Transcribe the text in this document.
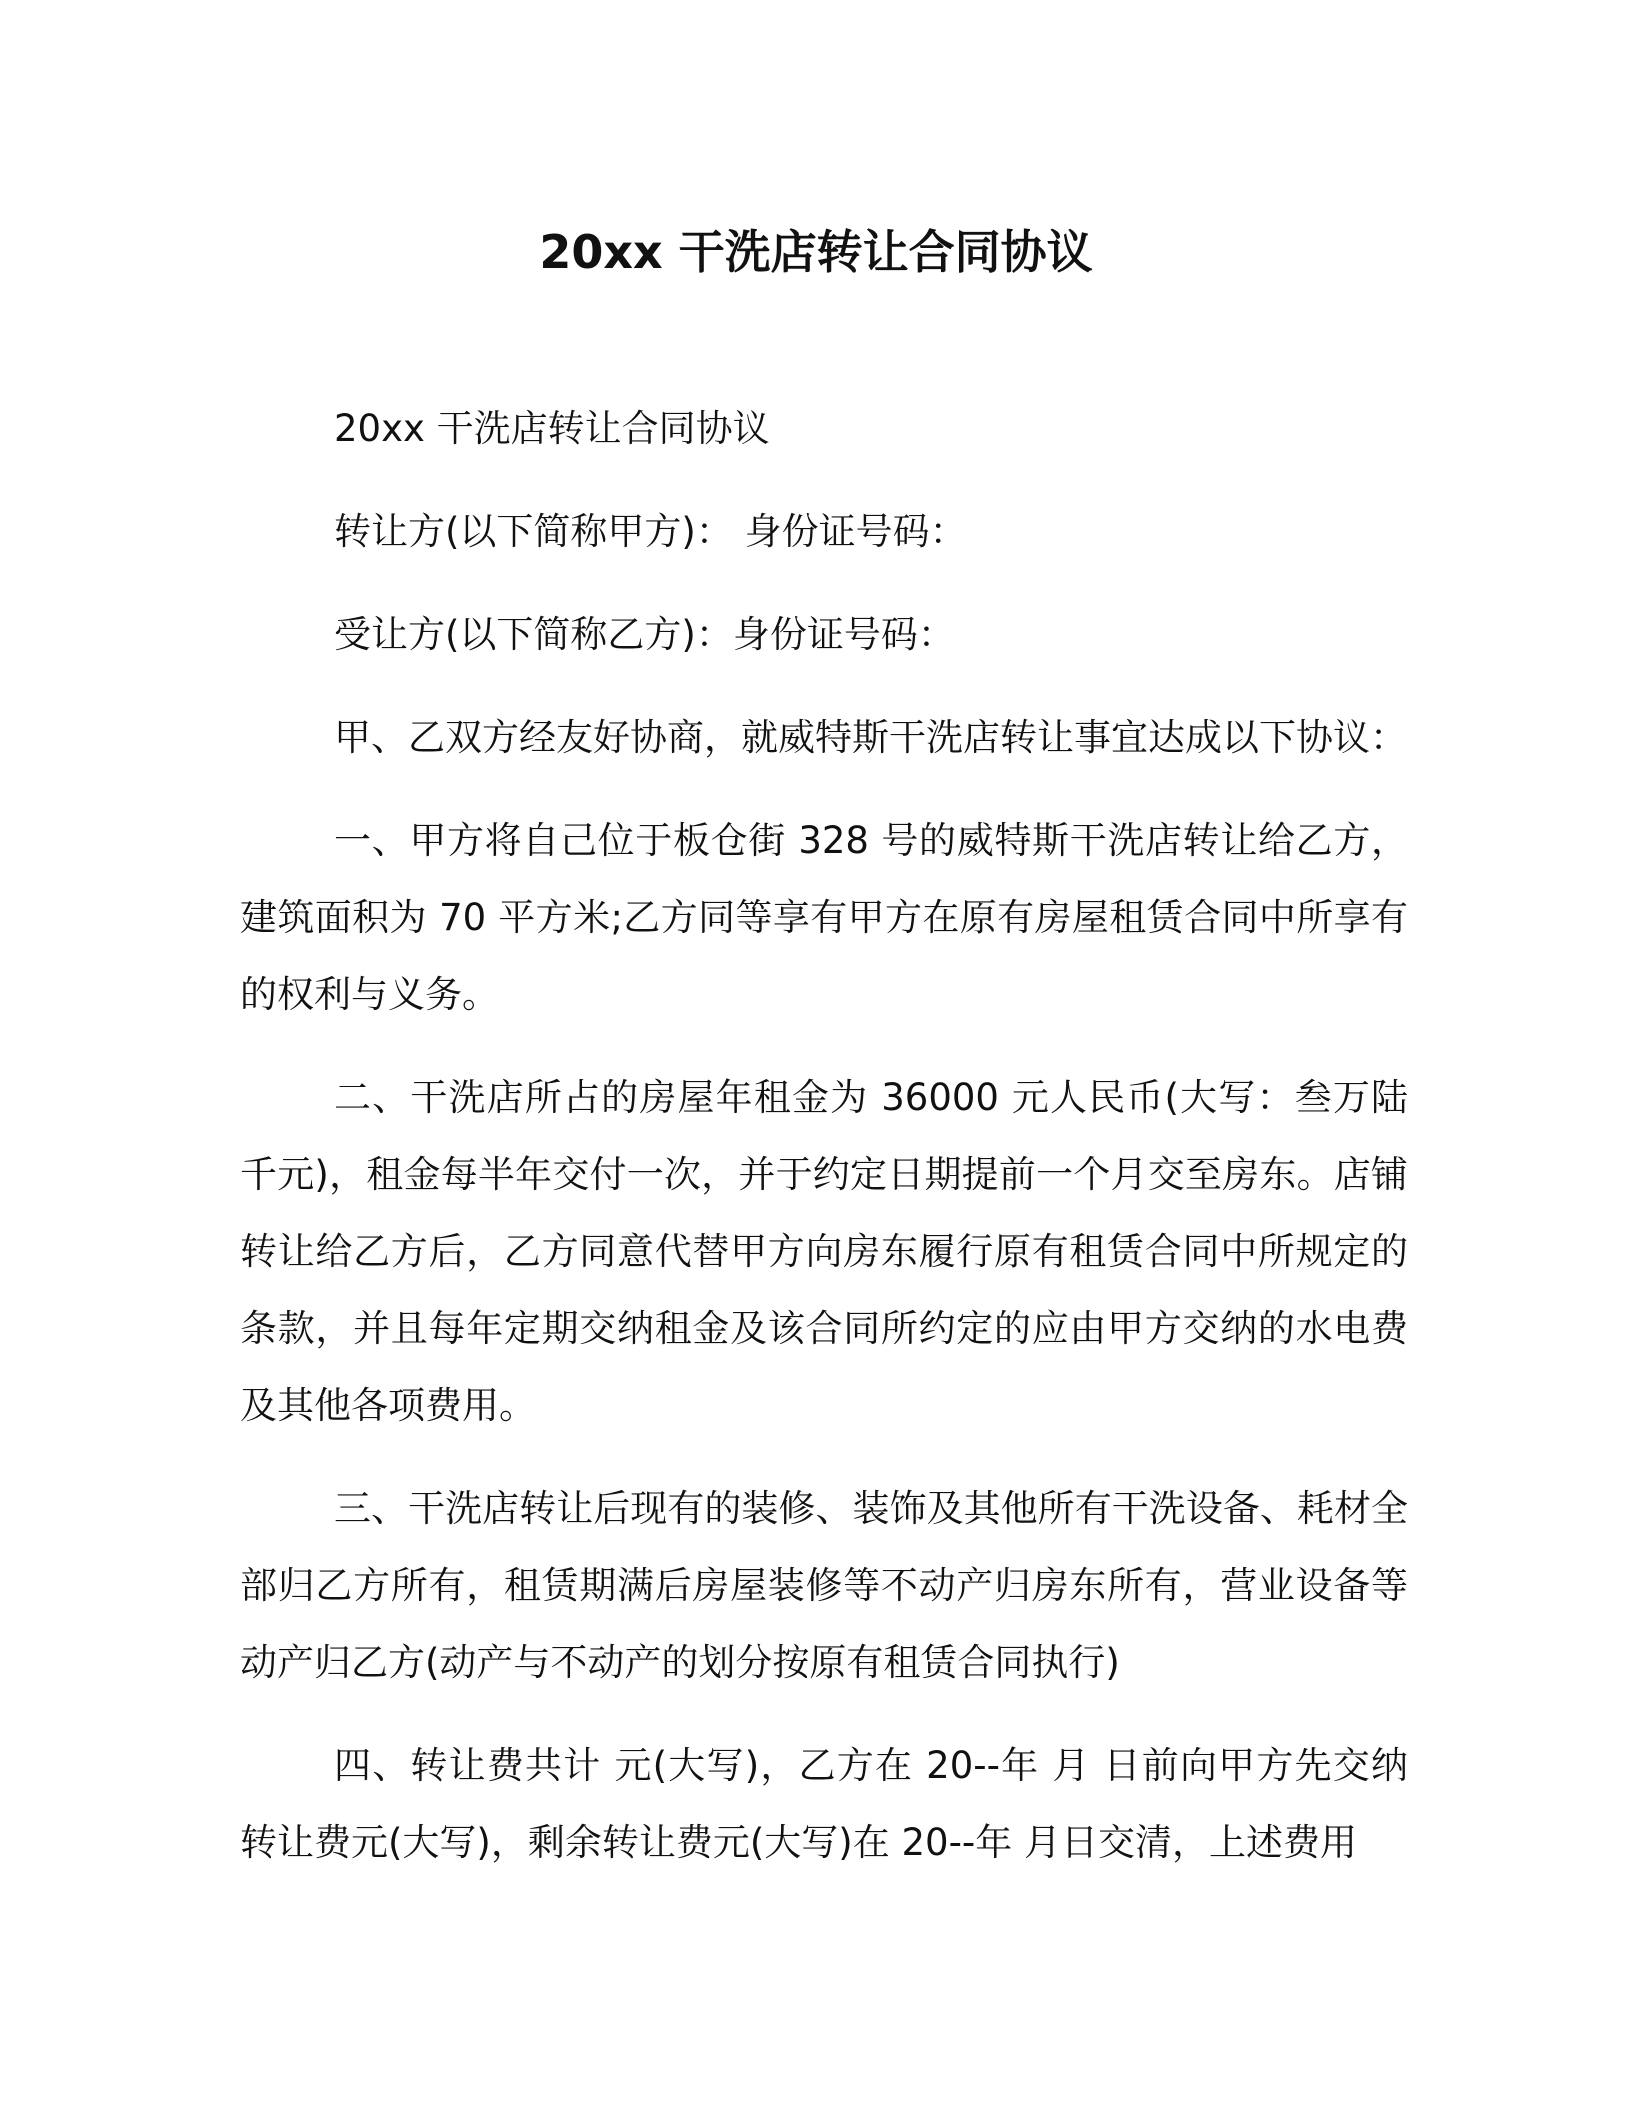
20xx 干洗店转让合同协议

20xx 干洗店转让合同协议

转让方(以下简称甲方)： 身份证号码：

受让方(以下简称乙方)：身份证号码：

甲、乙双方经友好协商，就威特斯干洗店转让事宜达成以下协议：

一、甲方将自己位于板仓街 328 号的威特斯干洗店转让给乙方，建筑面积为 70 平方米;乙方同等享有甲方在原有房屋租赁合同中所享有的权利与义务。

二、干洗店所占的房屋年租金为 36000 元人民币(大写：叁万陆千元)，租金每半年交付一次，并于约定日期提前一个月交至房东。店铺转让给乙方后，乙方同意代替甲方向房东履行原有租赁合同中所规定的条款，并且每年定期交纳租金及该合同所约定的应由甲方交纳的水电费及其他各项费用。

三、干洗店转让后现有的装修、装饰及其他所有干洗设备、耗材全部归乙方所有，租赁期满后房屋装修等不动产归房东所有，营业设备等动产归乙方(动产与不动产的划分按原有租赁合同执行)

四、转让费共计 元(大写)，乙方在 20--年 月 日前向甲方先交纳转让费元(大写)，剩余转让费元(大写)在 20--年 月日交清，上述费用
